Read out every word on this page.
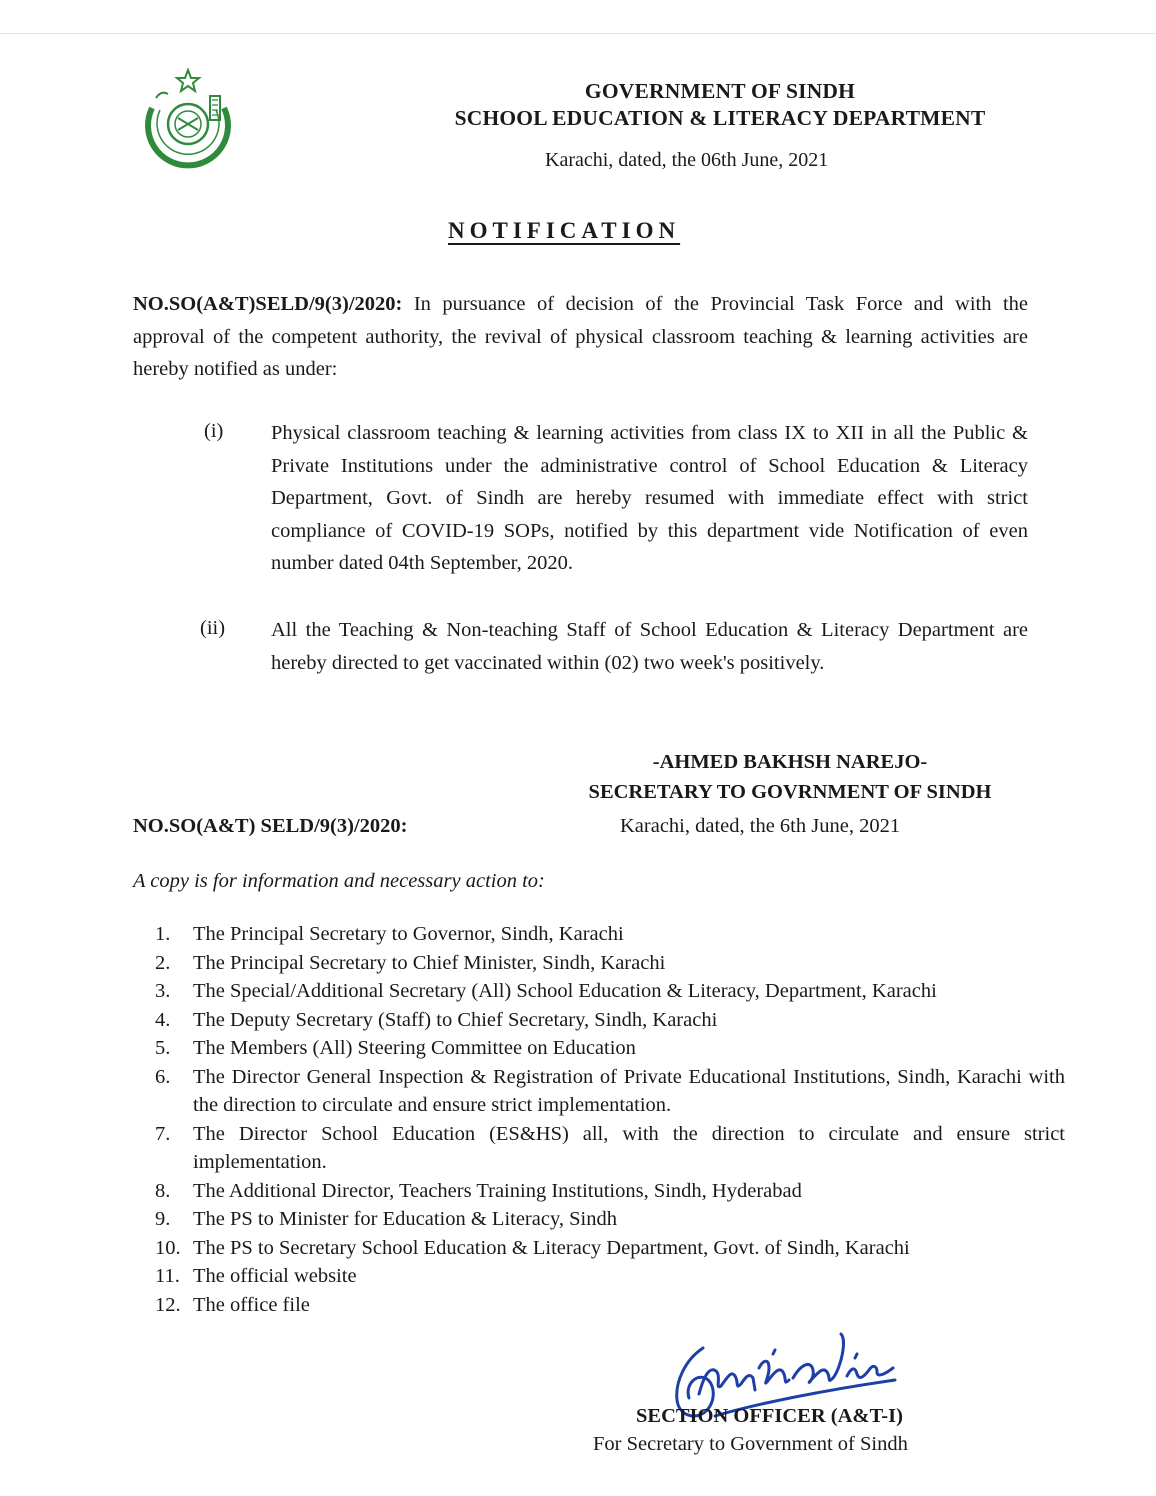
GOVERNMENT OF SINDH
SCHOOL EDUCATION & LITERACY DEPARTMENT
Karachi, dated, the 06th June, 2021
NOTIFICATION
NO.SO(A&T)SELD/9(3)/2020: In pursuance of decision of the Provincial Task Force and with the approval of the competent authority, the revival of physical classroom teaching & learning activities are hereby notified as under:
(i) Physical classroom teaching & learning activities from class IX to XII in all the Public & Private Institutions under the administrative control of School Education & Literacy Department, Govt. of Sindh are hereby resumed with immediate effect with strict compliance of COVID-19 SOPs, notified by this department vide Notification of even number dated 04th September, 2020.
(ii) All the Teaching & Non-teaching Staff of School Education & Literacy Department are hereby directed to get vaccinated within (02) two week's positively.
-AHMED BAKHSH NAREJO-
SECRETARY TO GOVRNMENT OF SINDH
NO.SO(A&T) SELD/9(3)/2020:	Karachi, dated, the 6th June, 2021
A copy is for information and necessary action to:
1.	The Principal Secretary to Governor, Sindh, Karachi
2.	The Principal Secretary to Chief Minister, Sindh, Karachi
3.	The Special/Additional Secretary (All) School Education & Literacy, Department, Karachi
4.	The Deputy Secretary (Staff) to Chief Secretary, Sindh, Karachi
5.	The Members (All) Steering Committee on Education
6.	The Director General Inspection & Registration of Private Educational Institutions, Sindh, Karachi with the direction to circulate and ensure strict implementation.
7.	The Director School Education (ES&HS) all, with the direction to circulate and ensure strict implementation.
8.	The Additional Director, Teachers Training Institutions, Sindh, Hyderabad
9.	The PS to Minister for Education & Literacy, Sindh
10. The PS to Secretary School Education & Literacy Department, Govt. of Sindh, Karachi
11. The official website
12. The office file
SECTION OFFICER (A&T-I)
For Secretary to Government of Sindh
